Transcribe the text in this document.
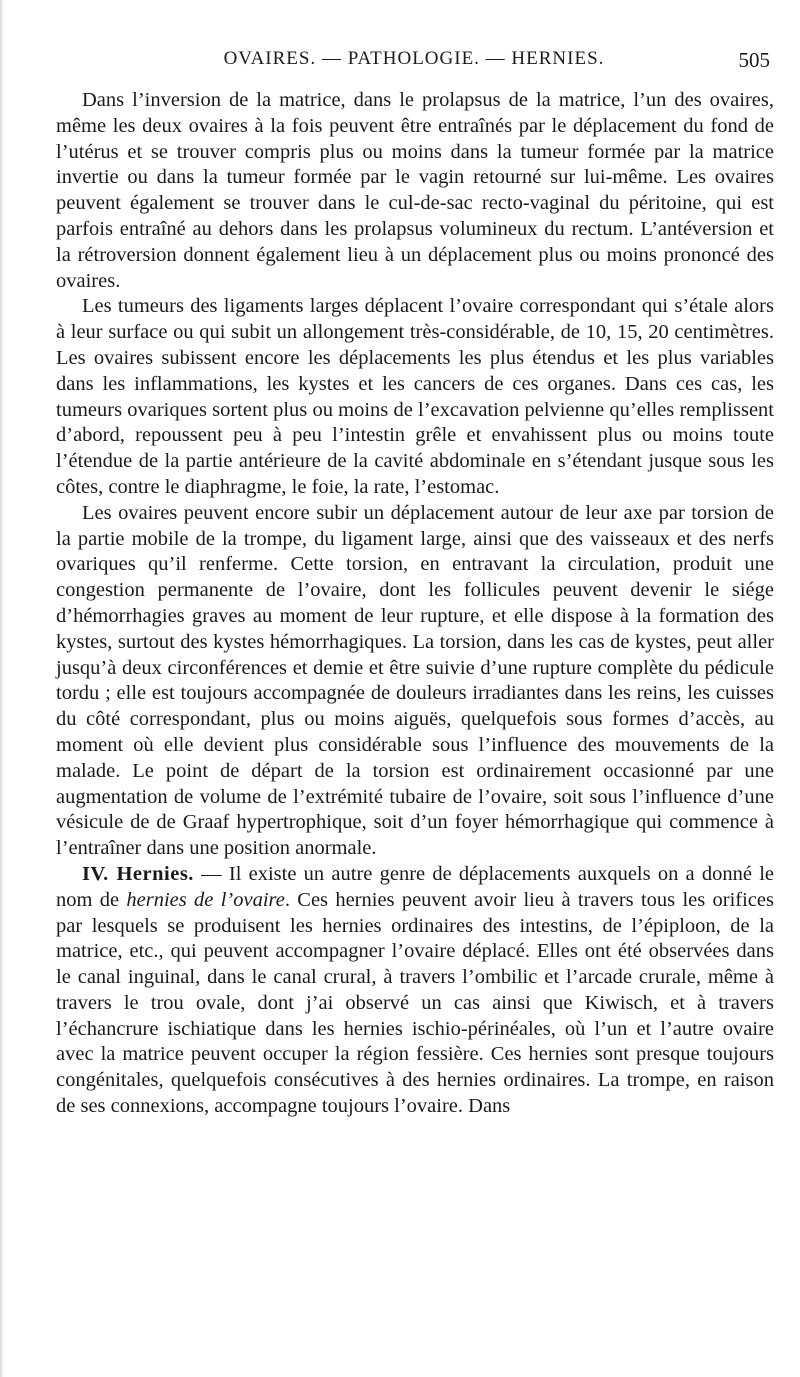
OVAIRES. — PATHOLOGIE. — HERNIES.	505

Dans l’inversion de la matrice, dans le prolapsus de la matrice, l’un des ovaires, même les deux ovaires à la fois peuvent être entraînés par le déplacement du fond de l’utérus et se trouver compris plus ou moins dans la tumeur formée par la matrice invertie ou dans la tumeur formée par le vagin retourné sur lui-même. Les ovaires peuvent également se trouver dans le cul-de-sac recto-vaginal du péritoine, qui est parfois entraîné au dehors dans les prolapsus volumineux du rectum. L’antéversion et la rétroversion donnent également lieu à un déplacement plus ou moins prononcé des ovaires.

Les tumeurs des ligaments larges déplacent l’ovaire correspondant qui s’étale alors à leur surface ou qui subit un allongement très-considérable, de 10, 15, 20 centimètres. Les ovaires subissent encore les déplacements les plus étendus et les plus variables dans les inflammations, les kystes et les cancers de ces organes. Dans ces cas, les tumeurs ovariques sortent plus ou moins de l’excavation pelvienne qu’elles remplissent d’abord, repoussent peu à peu l’intestin grêle et envahissent plus ou moins toute l’étendue de la partie antérieure de la cavité abdominale en s’étendant jusque sous les côtes, contre le diaphragme, le foie, la rate, l’estomac.

Les ovaires peuvent encore subir un déplacement autour de leur axe par torsion de la partie mobile de la trompe, du ligament large, ainsi que des vaisseaux et des nerfs ovariques qu’il renferme. Cette torsion, en entravant la circulation, produit une congestion permanente de l’ovaire, dont les follicules peuvent devenir le siége d’hémorrhagies graves au moment de leur rupture, et elle dispose à la formation des kystes, surtout des kystes hémorrhagiques. La torsion, dans les cas de kystes, peut aller jusqu’à deux circonférences et demie et être suivie d’une rupture complète du pédicule tordu ; elle est toujours accompagnée de douleurs irradiantes dans les reins, les cuisses du côté correspondant, plus ou moins aiguës, quelquefois sous formes d’accès, au moment où elle devient plus considérable sous l’influence des mouvements de la malade. Le point de départ de la torsion est ordinairement occasionné par une augmentation de volume de l’extrémité tubaire de l’ovaire, soit sous l’influence d’une vésicule de de Graaf hypertrophique, soit d’un foyer hémorrhagique qui commence à l’entraîner dans une position anormale.

IV. Hernies. — Il existe un autre genre de déplacements auxquels on a donné le nom de hernies de l’ovaire. Ces hernies peuvent avoir lieu à travers tous les orifices par lesquels se produisent les hernies ordinaires des intestins, de l’épiploon, de la matrice, etc., qui peuvent accompagner l’ovaire déplacé. Elles ont été observées dans le canal inguinal, dans le canal crural, à travers l’ombilic et l’arcade crurale, même à travers le trou ovale, dont j’ai observé un cas ainsi que Kiwisch, et à travers l’échancrure ischiatique dans les hernies ischio-périnéales, où l’un et l’autre ovaire avec la matrice peuvent occuper la région fessière. Ces hernies sont presque toujours congénitales, quelquefois consécutives à des hernies ordinaires. La trompe, en raison de ses connexions, accompagne toujours l’ovaire. Dans
